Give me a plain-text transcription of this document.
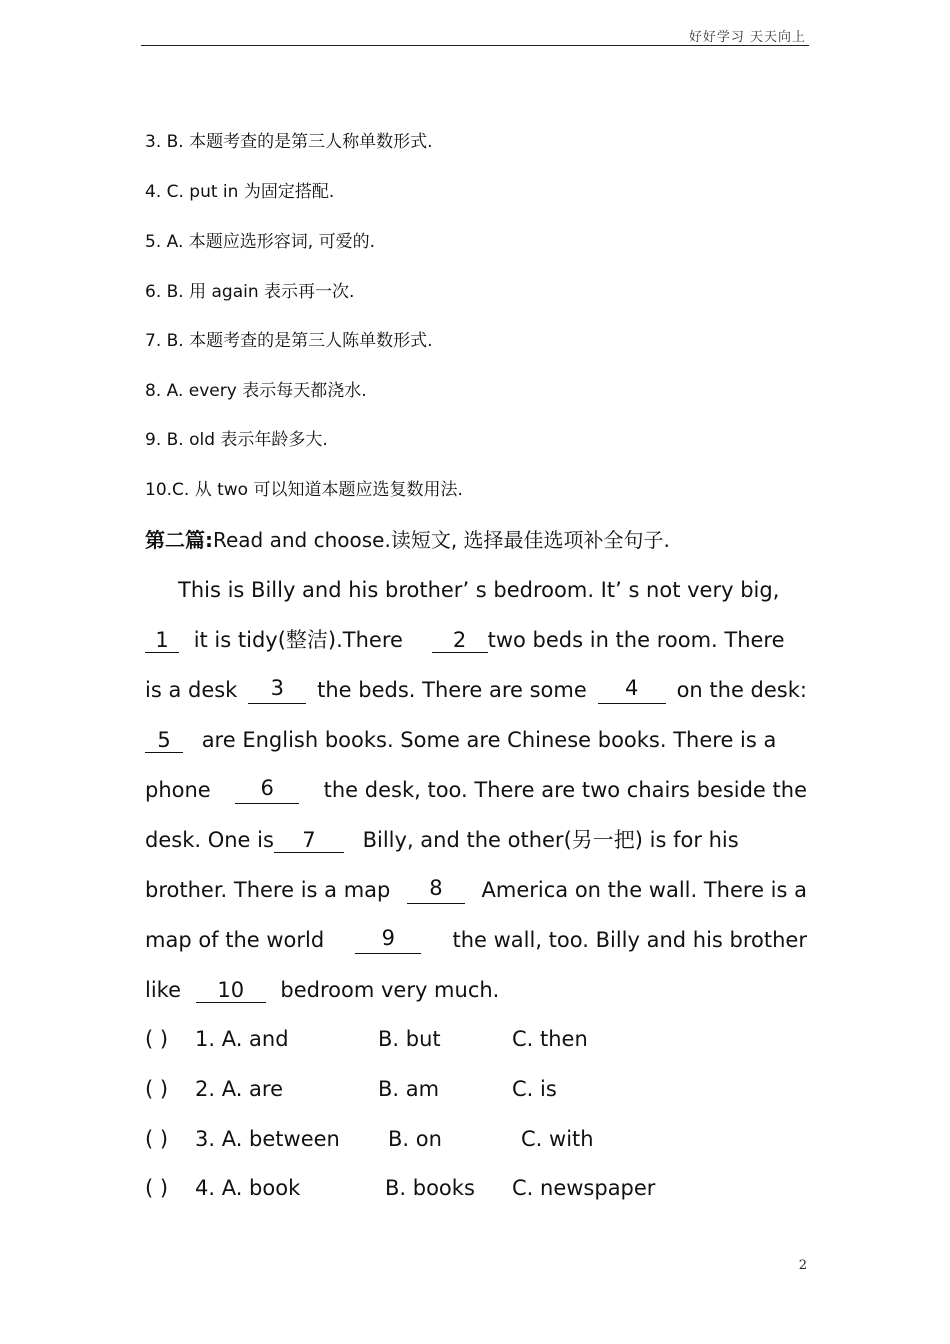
好好学习 天天向上
3. B. 本题考查的是第三人称单数形式.
4. C. put in 为固定搭配.
5. A. 本题应选形容词, 可爱的.
6. B. 用 again 表示再一次.
7. B. 本题考查的是第三人陈单数形式.
8. A. every 表示每天都浇水.
9. B. old 表示年龄多大.
10.C. 从 two 可以知道本题应选复数用法.
第二篇:Read and choose.读短文, 选择最佳选项补全句子.
This is Billy and his brother’ s bedroom. It’ s not very big,
1 it is tidy(整洁).There 2 two beds in the room. There
is a desk	3	the beds. There are some	4	on the desk:
5 are English books. Some are Chinese books. There is a
phone	6	the desk, too. There are two chairs beside the
desk. One is 7 Billy, and the other(另一把) is for his
brother. There is a map	8	America on the wall. There is a
map of the world	9	the wall, too. Billy and his brother
like 10 bedroom very much.
( ) 1. A. and	B. but	C. then
( ) 2. A. are	B. am	C. is
( ) 3. A. between B. on	C. with
( ) 4. A. book	B. books C. newspaper
2
